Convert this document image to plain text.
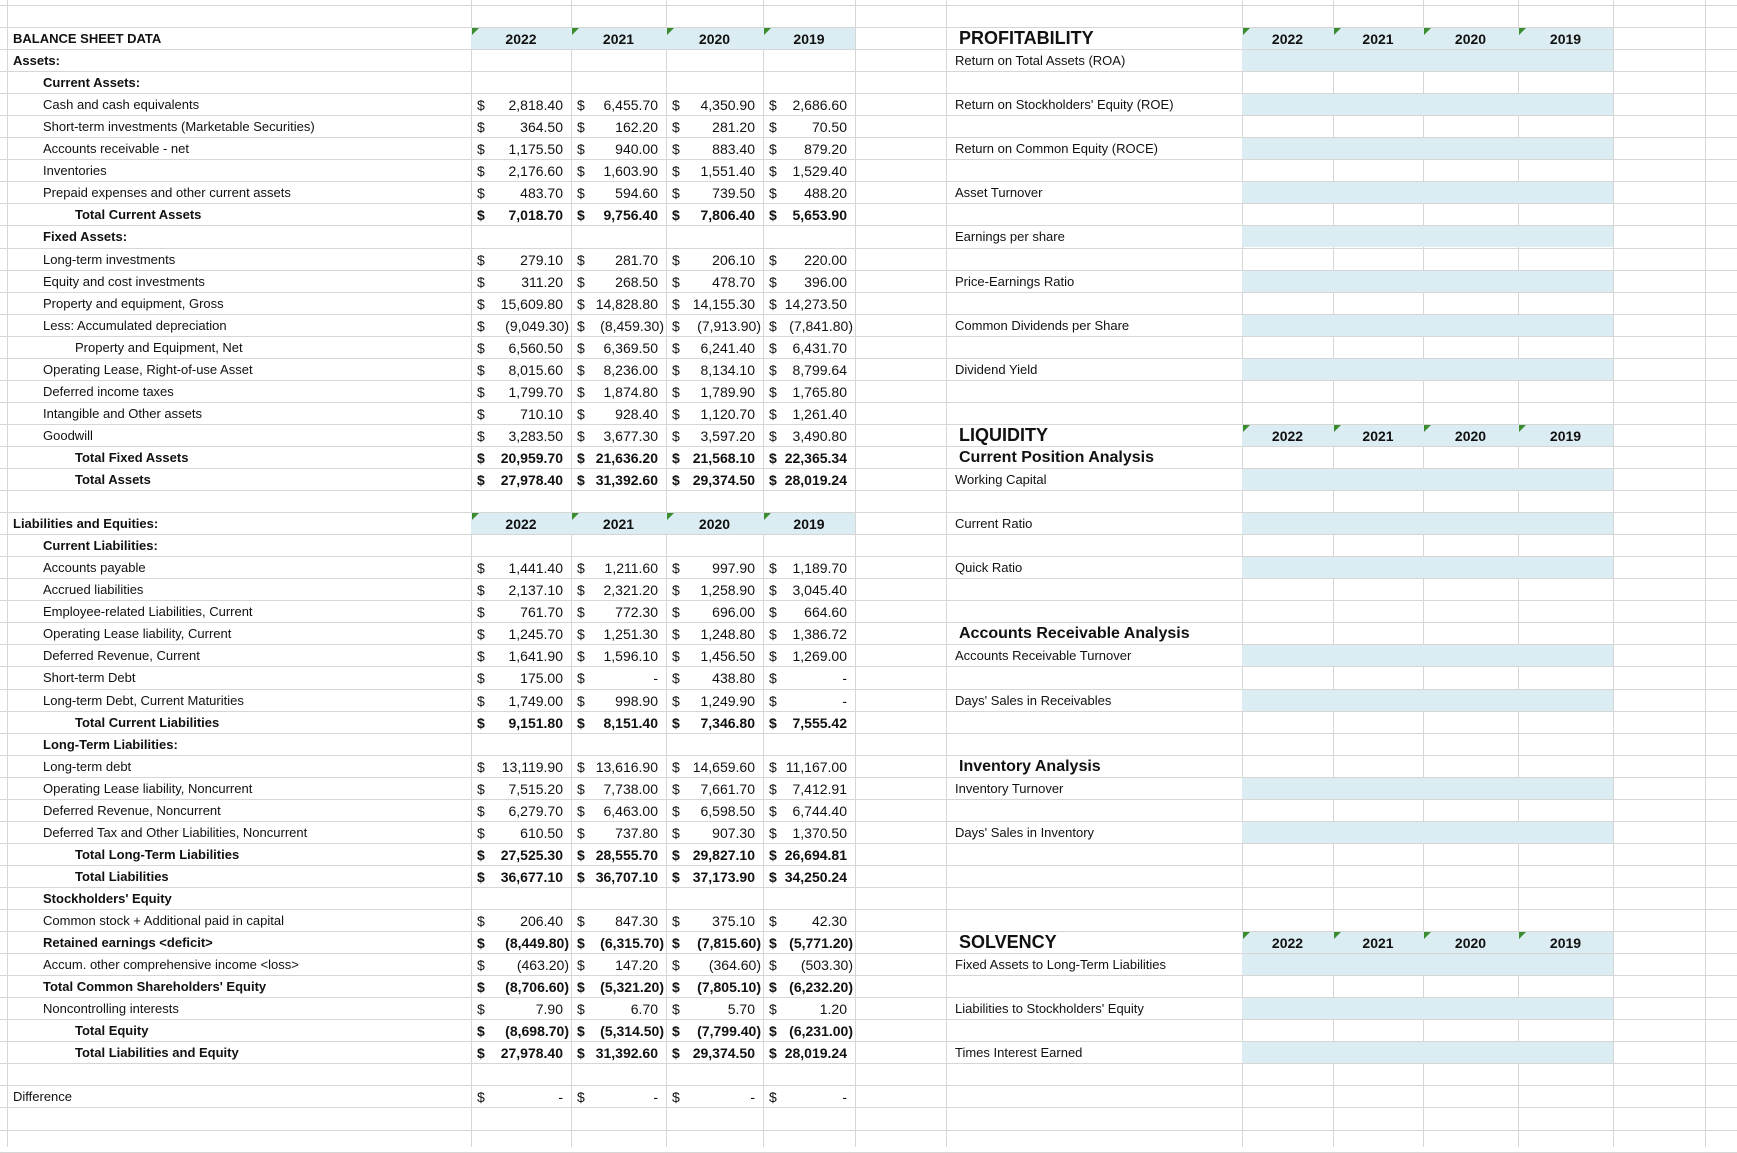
BALANCE SHEET DATA	2022	2021	2020	2019
Assets:
Current Assets:
Cash and cash equivalents	$	2,818.40 $	6,455.70 $	4,350.90 $	2,686.60
Short-term investments (Marketable Securities)	$	364.50 $	162.20 $	281.20 $	70.50
Accounts receivable - net	$	1,175.50 $	940.00 $	883.40 $	879.20
Inventories	$	2,176.60 $	1,603.90 $	1,551.40 $	1,529.40
Prepaid expenses and other current assets	$	483.70 $	594.60 $	739.50 $	488.20
Total Current Assets	$	7,018.70 $	9,756.40 $	7,806.40 $	5,653.90
Fixed Assets:
Long-term investments	$	279.10 $	281.70 $	206.10 $	220.00
Equity and cost investments	$	311.20 $	268.50 $	478.70 $	396.00
Property and equipment, Gross	$	15,609.80 $ 14,828.80 $ 14,155.30 $ 14,273.50
Less: Accumulated depreciation	$	(9,049.30) $	(8,459.30) $	(7,913.90) $ (7,841.80)
Property and Equipment, Net	$	6,560.50 $	6,369.50 $	6,241.40 $	6,431.70
Operating Lease, Right-of-use Asset	$	8,015.60 $	8,236.00 $	8,134.10 $	8,799.64
Deferred income taxes	$	1,799.70 $	1,874.80 $	1,789.90 $	1,765.80
Intangible and Other assets	$	710.10 $	928.40 $	1,120.70 $	1,261.40
Goodwill	$	3,283.50 $	3,677.30 $	3,597.20 $	3,490.80
Total Fixed Assets	$	20,959.70 $ 21,636.20 $ 21,568.10 $ 22,365.34
Total Assets	$	27,978.40 $ 31,392.60 $ 29,374.50 $ 28,019.24
2022	2021	2020	2019
Liabilities and Equities:
Current Liabilities:
Accounts payable	$	1,441.40 $	1,211.60 $	997.90 $	1,189.70
Accrued liabilities	$	2,137.10 $	2,321.20 $	1,258.90 $	3,045.40
Employee-related Liabilities, Current	$	761.70 $	772.30 $	696.00 $	664.60
Operating Lease liability, Current	$	1,245.70 $	1,251.30 $	1,248.80 $	1,386.72
Deferred Revenue, Current	$	1,641.90 $	1,596.10 $	1,456.50 $	1,269.00
Short-term Debt	$	175.00 $	- $	438.80 $	-
Long-term Debt, Current Maturities	$	1,749.00 $	998.90 $	1,249.90 $	-
Total Current Liabilities	$	9,151.80 $	8,151.40 $	7,346.80 $	7,555.42
Long-Term Liabilities:
Long-term debt	$	13,119.90 $ 13,616.90 $ 14,659.60 $ 11,167.00
Operating Lease liability, Noncurrent	$	7,515.20 $	7,738.00 $	7,661.70 $	7,412.91
Deferred Revenue, Noncurrent	$	6,279.70 $	6,463.00 $	6,598.50 $	6,744.40
Deferred Tax and Other Liabilities, Noncurrent	$	610.50 $	737.80 $	907.30 $	1,370.50
Total Long-Term Liabilities	$	27,525.30 $ 28,555.70 $ 29,827.10 $ 26,694.81
Total Liabilities	$	36,677.10 $ 36,707.10 $ 37,173.90 $ 34,250.24
Stockholders' Equity
Common stock + Additional paid in capital	$	206.40 $	847.30 $	375.10 $	42.30
Retained earnings <deficit>	$	(8,449.80) $	(6,315.70) $	(7,815.60) $ (5,771.20)
Accum. other comprehensive income <loss>	$	(463.20) $	147.20 $	(364.60) $	(503.30)
Total Common Shareholders' Equity	$	(8,706.60) $	(5,321.20) $	(7,805.10) $ (6,232.20)
Noncontrolling interests	$	7.90 $	6.70 $	5.70 $	1.20
Total Equity	$	(8,698.70) $	(5,314.50) $	(7,799.40) $ (6,231.00)
Total Liabilities and Equity	$	27,978.40 $ 31,392.60 $ 29,374.50 $ 28,019.24
Difference	$	- $	- $	- $	-
PROFITABILITY	2022	2021	2020	2019
Return on Total Assets (ROA)
Return on Stockholders' Equity (ROE)
Return on Common Equity (ROCE)
Asset Turnover
Earnings per share
Price-Earnings Ratio
Common Dividends per Share
Dividend Yield
LIQUIDITY	2022	2021	2020	2019
Current Position Analysis
Working Capital
Current Ratio
Quick Ratio
Accounts Receivable Analysis
Accounts Receivable Turnover
Days' Sales in Receivables
Inventory Analysis
Inventory Turnover
Days' Sales in Inventory
SOLVENCY	2022	2021	2020	2019
Fixed Assets to Long-Term Liabilities
Liabilities to Stockholders' Equity
Times Interest Earned
